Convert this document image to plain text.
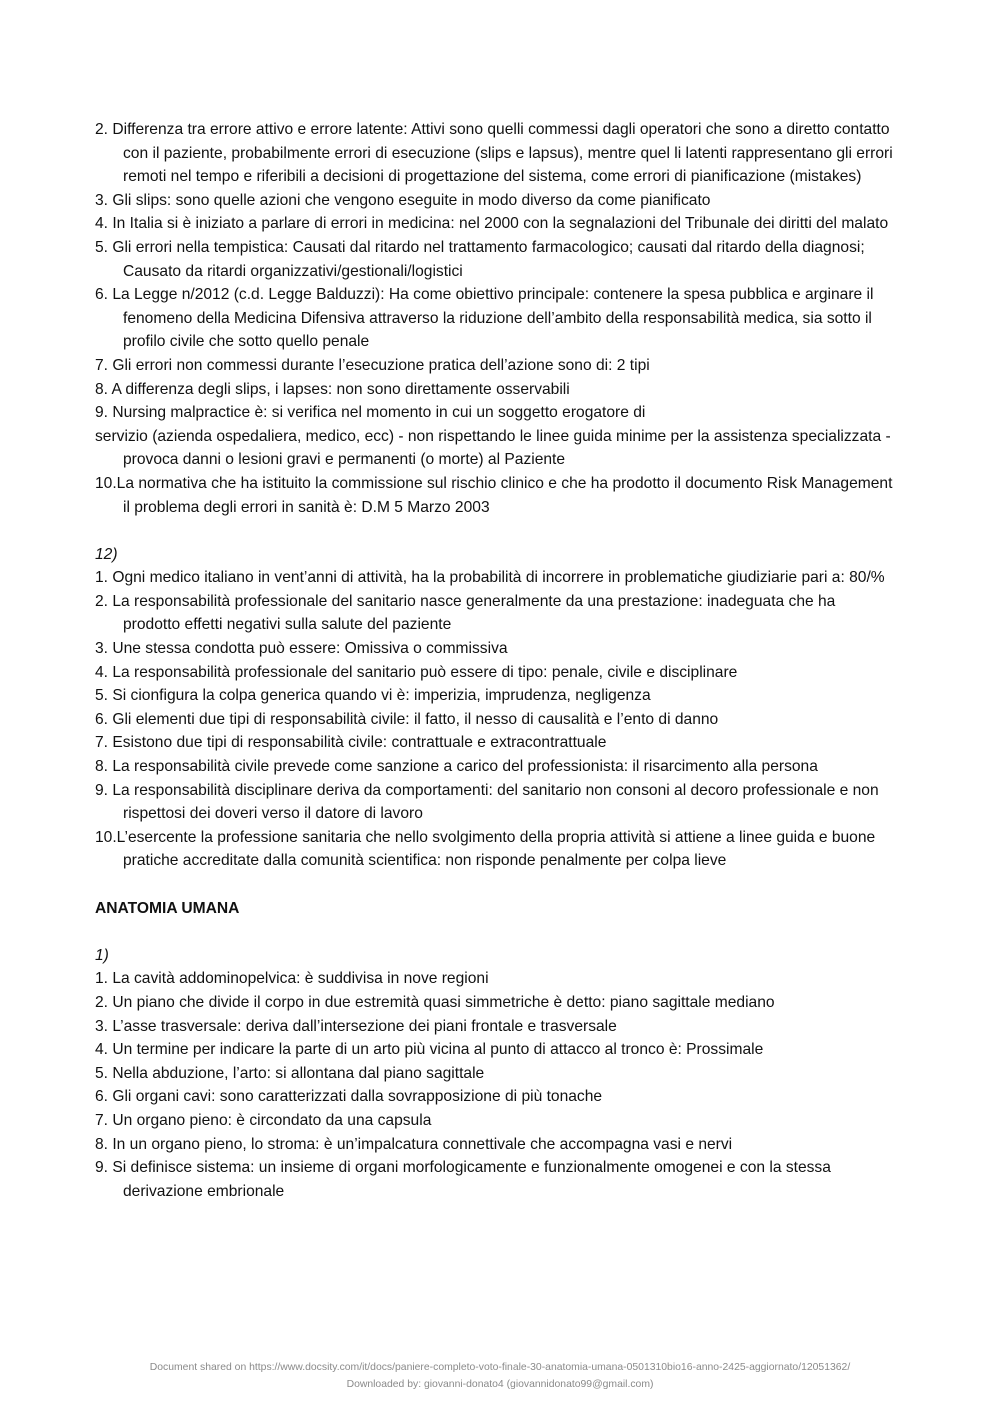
2. Differenza tra errore attivo e errore latente: Attivi sono quelli commessi dagli operatori che sono a diretto contatto con il paziente, probabilmente errori di esecuzione (slips e lapsus), mentre quel li latenti rappresentano gli errori remoti nel tempo e riferibili a decisioni di progettazione del sistema, come errori di pianificazione (mistakes)
3. Gli slips: sono quelle azioni che vengono eseguite in modo diverso da come pianificato
4. In Italia si è iniziato a parlare di errori in medicina: nel 2000 con la segnalazioni del Tribunale dei diritti del malato
5. Gli errori nella tempistica: Causati dal ritardo nel trattamento farmacologico; causati dal ritardo della diagnosi; Causato da ritardi organizzativi/gestionali/logistici
6. La Legge n/2012 (c.d. Legge Balduzzi): Ha come obiettivo principale: contenere la spesa pubblica e arginare il fenomeno della Medicina Difensiva attraverso la riduzione dell’ambito della responsabilità medica, sia sotto il profilo civile che sotto quello penale
7. Gli errori non commessi durante l’esecuzione pratica dell’azione sono di: 2 tipi
8. A differenza degli slips, i lapses: non sono direttamente osservabili
9. Nursing malpractice è: si verifica nel momento in cui un soggetto erogatore di
servizio (azienda ospedaliera, medico, ecc) - non rispettando le linee guida minime per la assistenza specializzata - provoca danni o lesioni gravi e permanenti (o morte) al Paziente
10.La normativa che ha istituito la commissione sul rischio clinico e che ha prodotto il documento Risk Management il problema degli errori in sanità è: D.M 5 Marzo 2003
12)
1. Ogni medico italiano in vent’anni di attività, ha la probabilità di incorrere in problematiche giudiziarie pari a: 80/%
2. La responsabilità professionale del sanitario nasce generalmente da una prestazione: inadeguata che ha prodotto effetti negativi sulla salute del paziente
3. Une stessa condotta può essere: Omissiva o commissiva
4. La responsabilità professionale del sanitario può essere di tipo: penale, civile e disciplinare
5. Si cionfigura la colpa generica quando vi è: imperizia, imprudenza, negligenza
6. Gli elementi due tipi di responsabilità civile: il fatto, il nesso di causalità e l’ento di danno
7. Esistono due tipi di responsabilità civile: contrattuale e extracontrattuale
8. La responsabilità civile prevede come sanzione a carico del professionista: il risarcimento alla persona
9. La responsabilità disciplinare deriva da comportamenti: del sanitario non consoni al decoro professionale e non rispettosi dei doveri verso il datore di lavoro
10.L’esercente la professione sanitaria che nello svolgimento della propria attività si attiene a linee guida e buone pratiche accreditate dalla comunità scientifica: non risponde penalmente per colpa lieve
ANATOMIA UMANA
1)
1. La cavità addominopelvica: è suddivisa in nove regioni
2. Un piano che divide il corpo in due estremità quasi simmetriche è detto: piano sagittale mediano
3. L’asse trasversale: deriva dall’intersezione dei piani frontale e trasversale
4. Un termine per indicare la parte di un arto più vicina al punto di attacco al tronco è: Prossimale
5. Nella abduzione, l’arto: si allontana dal piano sagittale
6. Gli organi cavi: sono caratterizzati dalla sovrapposizione di più tonache
7. Un organo pieno: è circondato da una capsula
8. In un organo pieno, lo stroma: è un’impalcatura connettivale che accompagna vasi e nervi
9. Si definisce sistema: un insieme di organi morfologicamente e funzionalmente omogenei e con la stessa derivazione embrionale
Document shared on https://www.docsity.com/it/docs/paniere-completo-voto-finale-30-anatomia-umana-0501310bio16-anno-2425-aggiornato/12051362/
Downloaded by: giovanni-donato4 (giovannidonato99@gmail.com)
